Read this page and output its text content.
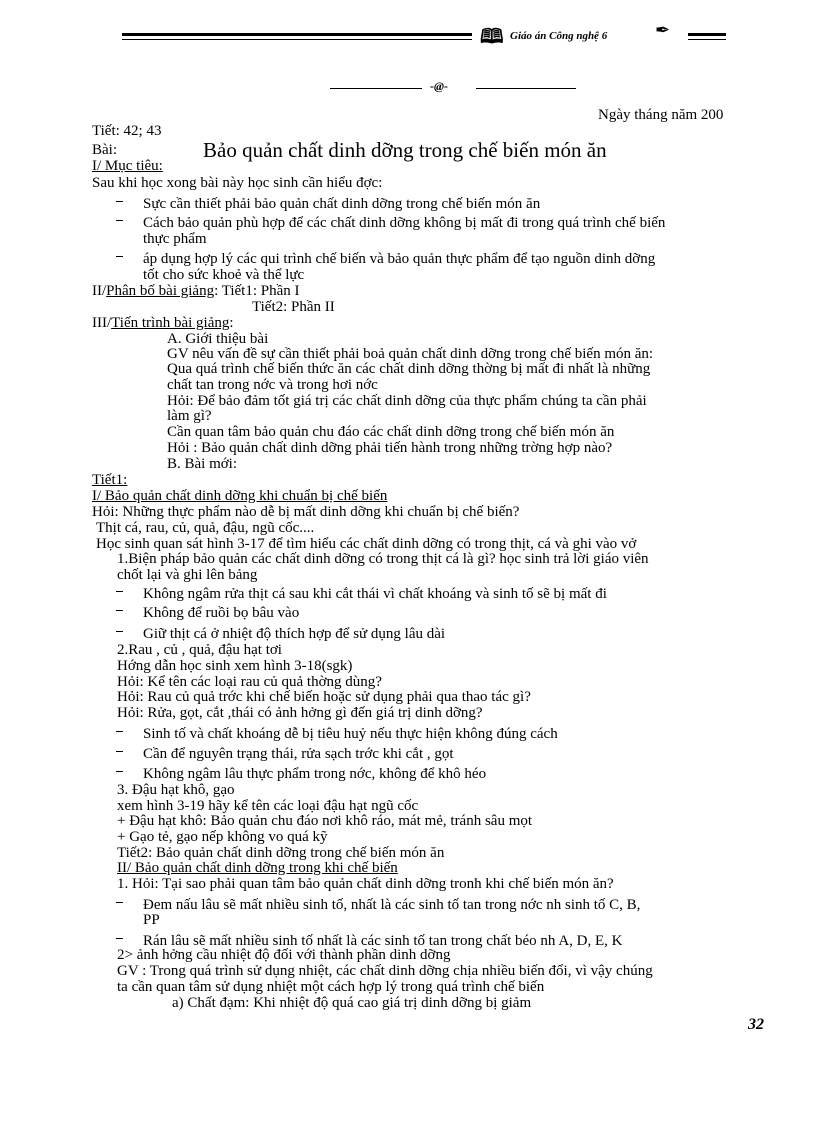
🕮 Giáo án Công nghệ 6	✒
-@-
Ngày tháng năm 200
Tiết: 42; 43
Bài:	Bảo quản chất dinh dỡng trong chế biến món ăn
I/ Mục tiêu:
Sau khi học xong bài này học sinh cần hiểu đợc:
Sực cần thiết phải bảo quản chất dinh dỡng trong chế biến món ăn
Cách bảo quản phù hợp để các chất dinh dỡng không bị mất đi trong quá trình chế biến
thực phẩm
áp dụng hợp lý các qui trình chế biến và bảo quản thực phẩm để tạo nguồn dinh dỡng
tốt cho sức khoẻ và thể lực
II/Phân bố bài giảng: Tiết1: Phần I
Tiết2: Phần II
III/Tiến trình bài giảng:
A. Giới thiệu bài
GV nêu vấn đề sự cần thiết phải boả quản chất dinh dỡng trong chế biến món ăn:
Qua quá trình chế biến thức ăn các chất dinh dỡng thờng bị mất đi nhất là những
chất tan trong nớc và trong hơi nớc
Hỏi: Để bảo đảm tốt giá trị các chất dinh dỡng của thực phẩm chúng ta cần phải
làm gì?
Cần quan tâm bảo quản chu đáo các chất dinh dỡng trong chế biến món ăn
Hỏi : Bảo quản chất dinh dỡng phải tiến hành trong những trờng hợp nào?
B. Bài mới:
Tiết1:
I/ Bảo quản chất dinh dỡng khi chuẩn bị chế biến
Hỏi: Những thực phẩm nào dễ bị mất dinh dỡng khi chuẩn bị chế biến?
Thịt cá, rau, củ, quả, đậu, ngũ cốc....
Học sinh quan sát hình 3-17 để tìm hiểu các chất dinh dỡng có trong thịt, cá và ghi vào vở
1.Biện pháp bảo quản các chất dinh dỡng có trong thịt cá là gì? học sinh trả lời giáo viên
chốt lại và ghi lên bảng
Không ngâm rửa thịt cá sau khi cắt thái vì chất khoáng và sinh tố sẽ bị mất đi
Không để ruồi bọ bâu vào
Giữ thịt cá ở nhiệt độ thích hợp để sử dụng lâu dài
2.Rau , củ , quả, đậu hạt tơi
Hớng dẫn học sinh xem hình 3-18(sgk)
Hỏi: Kể tên các loại rau củ quả thờng dùng?
Hỏi: Rau củ quả trớc khi chế biến hoặc sử dụng phải qua thao tác gì?
Hỏi: Rửa, gọt, cắt ,thái có ảnh hởng gì đến giá trị dinh dỡng?
Sinh tố và chất khoáng dễ bị tiêu huỷ nếu thực hiện không đúng cách
Cần để nguyên trạng thái, rửa sạch trớc khi cắt , gọt
Không ngâm lâu thực phẩm trong nớc, không để khô héo
3. Đậu hạt khô, gạo
xem hình 3-19 hãy kể tên các loại đậu hạt ngũ cốc
+ Đậu hạt khô: Bảo quản chu đáo nơi khô ráo, mát mẻ, tránh sâu mọt
+ Gạo tẻ, gạo nếp không vo quá kỹ
Tiết2: Bảo quản chất dinh dỡng trong chế biến món ăn
II/ Bảo quản chất dinh dỡng trong khi chế biến
1. Hỏi: Tại sao phải quan tâm bảo quản chất dinh dỡng tronh khi chế biến món ăn?
Đem nấu lâu sẽ mất nhiều sinh tố, nhất là các sinh tố tan trong nớc nh sinh tố C, B,
PP
Rán lâu sẽ mất nhiều sinh tố nhất là các sinh tố tan trong chất béo nh A, D, E, K
2> ảnh hởng cầu nhiệt độ đối với thành phần dinh dỡng
GV : Trong quá trình sử dụng nhiệt, các chất dinh dỡng chịa nhiều biến đổi, vì vậy chúng
ta cần quan tâm sử dụng nhiệt một cách hợp lý trong quá trình chế biến
a) Chất đạm: Khi nhiệt độ quá cao giá trị dinh dỡng bị giảm
32
